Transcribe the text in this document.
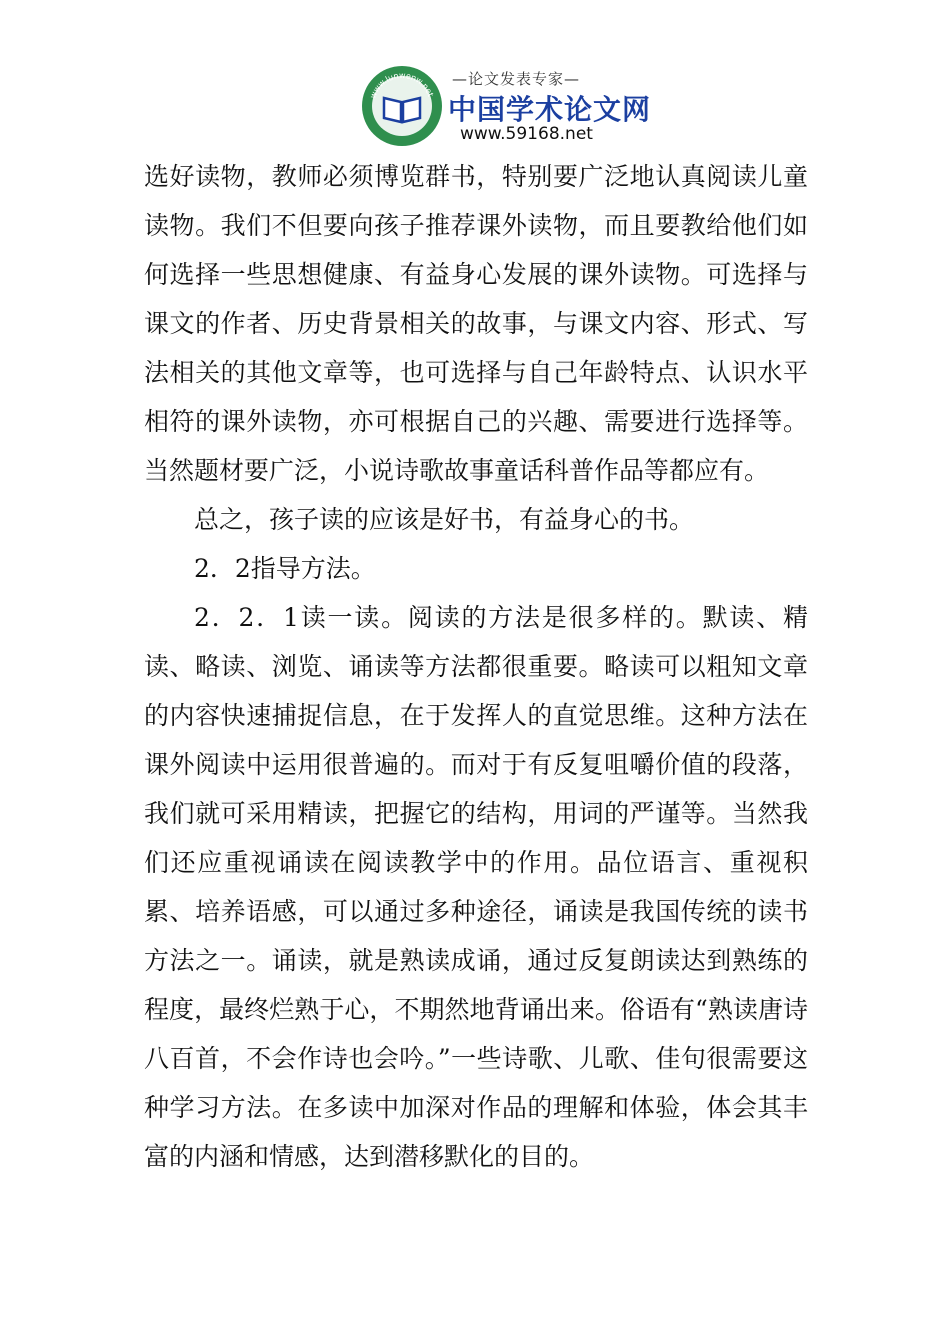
www.lunwenw.net
—论文发表专家—
中国学术论文网
www.59168.net

选好读物，教师必须博览群书，特别要广泛地认真阅读儿童读物。我们不但要向孩子推荐课外读物，而且要教给他们如何选择一些思想健康、有益身心发展的课外读物。可选择与课文的作者、历史背景相关的故事，与课文内容、形式、写法相关的其他文章等，也可选择与自己年龄特点、认识水平相符的课外读物，亦可根据自己的兴趣、需要进行选择等。当然题材要广泛，小说诗歌故事童话科普作品等都应有。

总之，孩子读的应该是好书，有益身心的书。

2．2指导方法。

2．2．1读一读。阅读的方法是很多样的。默读、精读、略读、浏览、诵读等方法都很重要。略读可以粗知文章的内容快速捕捉信息，在于发挥人的直觉思维。这种方法在课外阅读中运用很普遍的。而对于有反复咀嚼价值的段落，我们就可采用精读，把握它的结构，用词的严谨等。当然我们还应重视诵读在阅读教学中的作用。品位语言、重视积累、培养语感，可以通过多种途径，诵读是我国传统的读书方法之一。诵读，就是熟读成诵，通过反复朗读达到熟练的程度，最终烂熟于心，不期然地背诵出来。俗语有“熟读唐诗八百首，不会作诗也会吟。”一些诗歌、儿歌、佳句很需要这种学习方法。在多读中加深对作品的理解和体验，体会其丰富的内涵和情感，达到潜移默化的目的。
